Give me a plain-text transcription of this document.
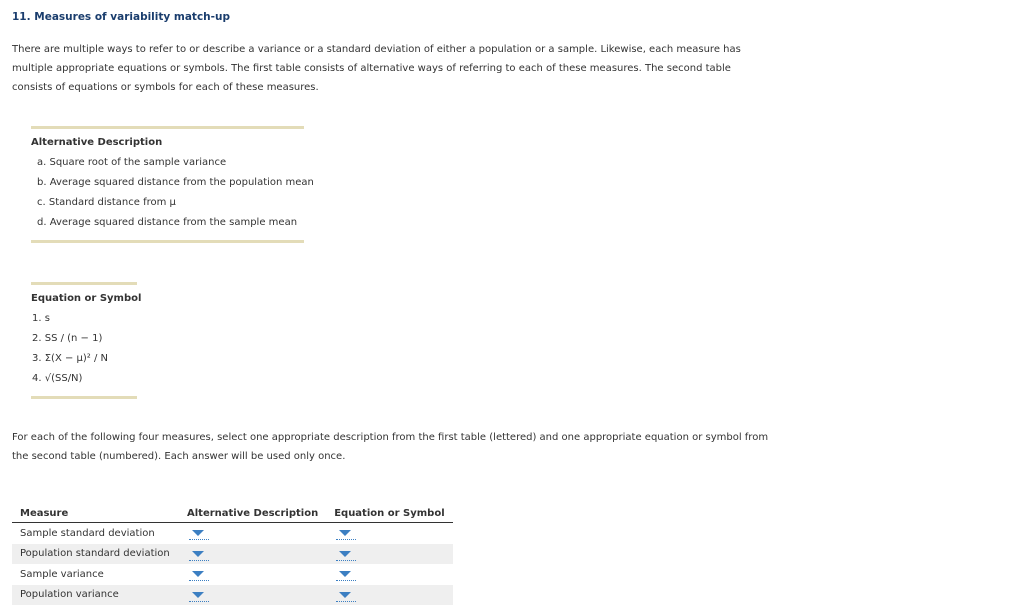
11. Measures of variability match-up

There are multiple ways to refer to or describe a variance or a standard deviation of either a population or a sample. Likewise, each measure has multiple appropriate equations or symbols. The first table consists of alternative ways of referring to each of these measures. The second table consists of equations or symbols for each of these measures.

Alternative Description
a. Square root of the sample variance
b. Average squared distance from the population mean
c. Standard distance from μ
d. Average squared distance from the sample mean
Equation or Symbol
1. s
2. SS / (n − 1)
3. Σ(X − μ)² / N
4. √(SS/N)

For each of the following four measures, select one appropriate description from the first table (lettered) and one appropriate equation or symbol from the second table (numbered). Each answer will be used only once.

Measure	Alternative Description	Equation or Symbol
Sample standard deviation	

Population standard deviation	

Sample variance	

Population variance	
